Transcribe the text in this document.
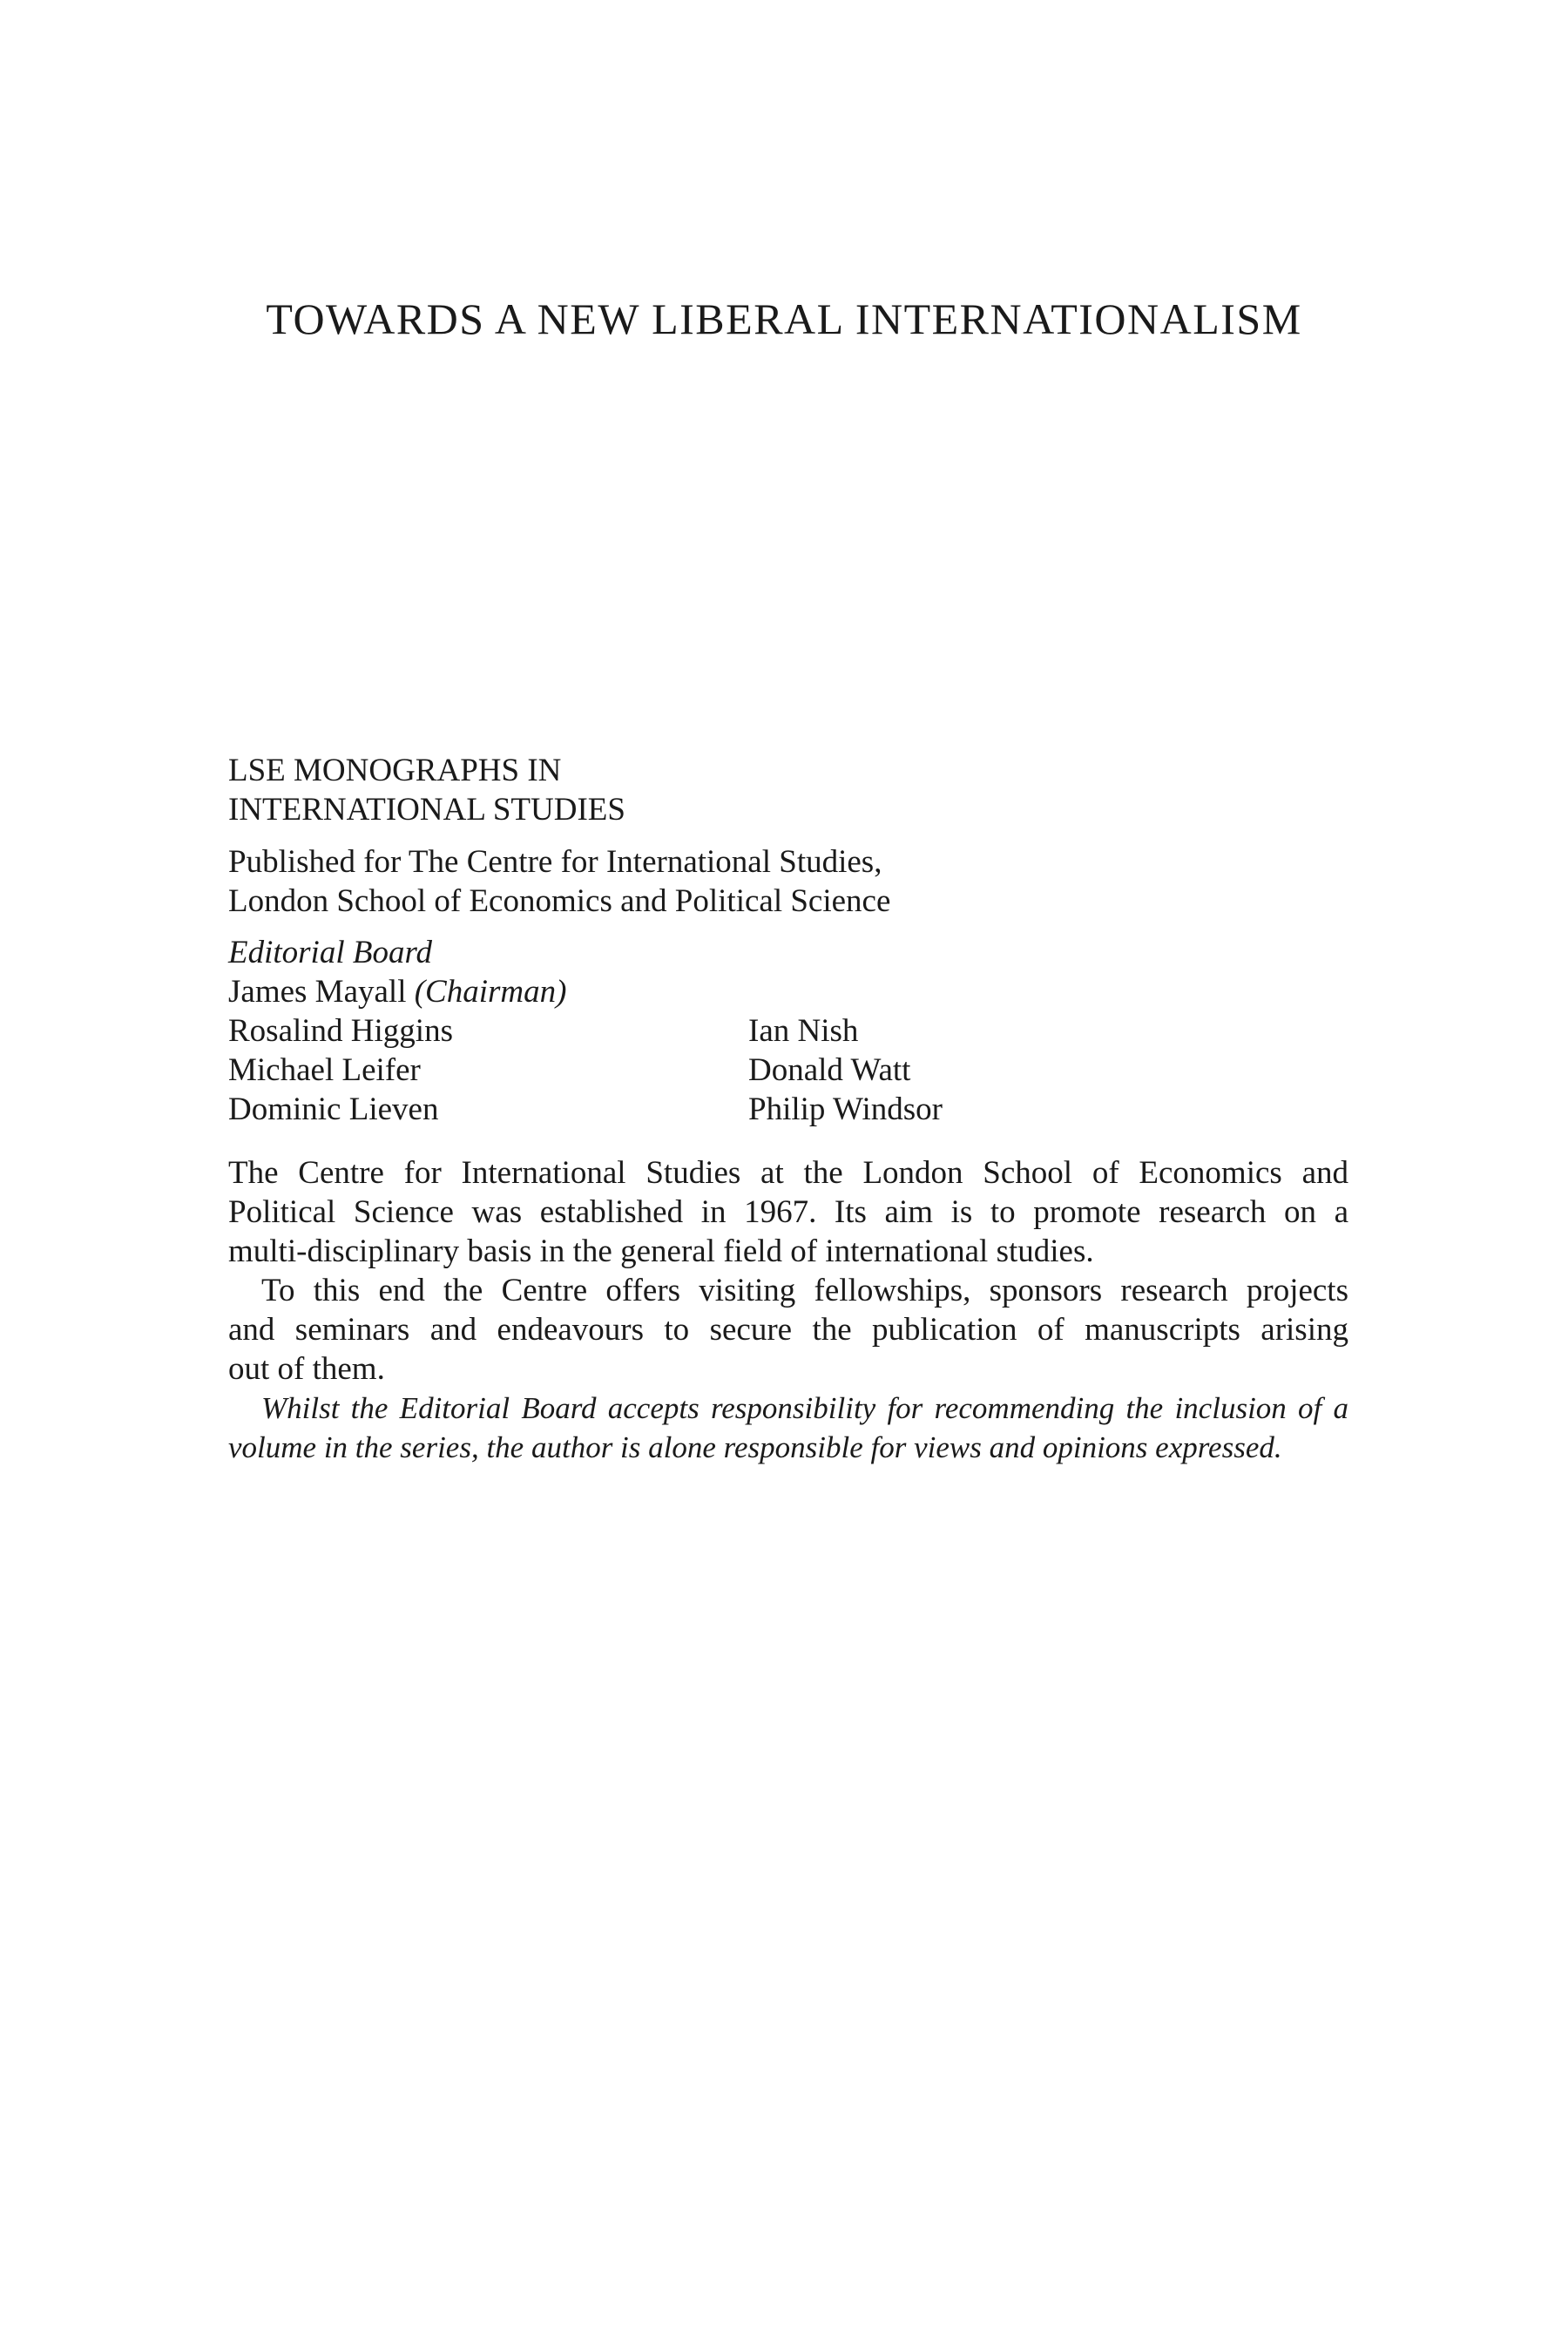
TOWARDS A NEW LIBERAL INTERNATIONALISM
LSE MONOGRAPHS IN
INTERNATIONAL STUDIES
Published for The Centre for International Studies,
London School of Economics and Political Science
Editorial Board
James Mayall (Chairman)
Rosalind Higgins	Ian Nish
Michael Leifer	Donald Watt
Dominic Lieven	Philip Windsor
The Centre for International Studies at the London School of Economics and
Political Science was established in 1967. Its aim is to promote research on a
multi-disciplinary basis in the general field of international studies.
To this end the Centre offers visiting fellowships, sponsors research projects
and seminars and endeavours to secure the publication of manuscripts arising
out of them.
Whilst the Editorial Board accepts responsibility for recommending the inclusion of a
volume in the series, the author is alone responsible for views and opinions expressed.
